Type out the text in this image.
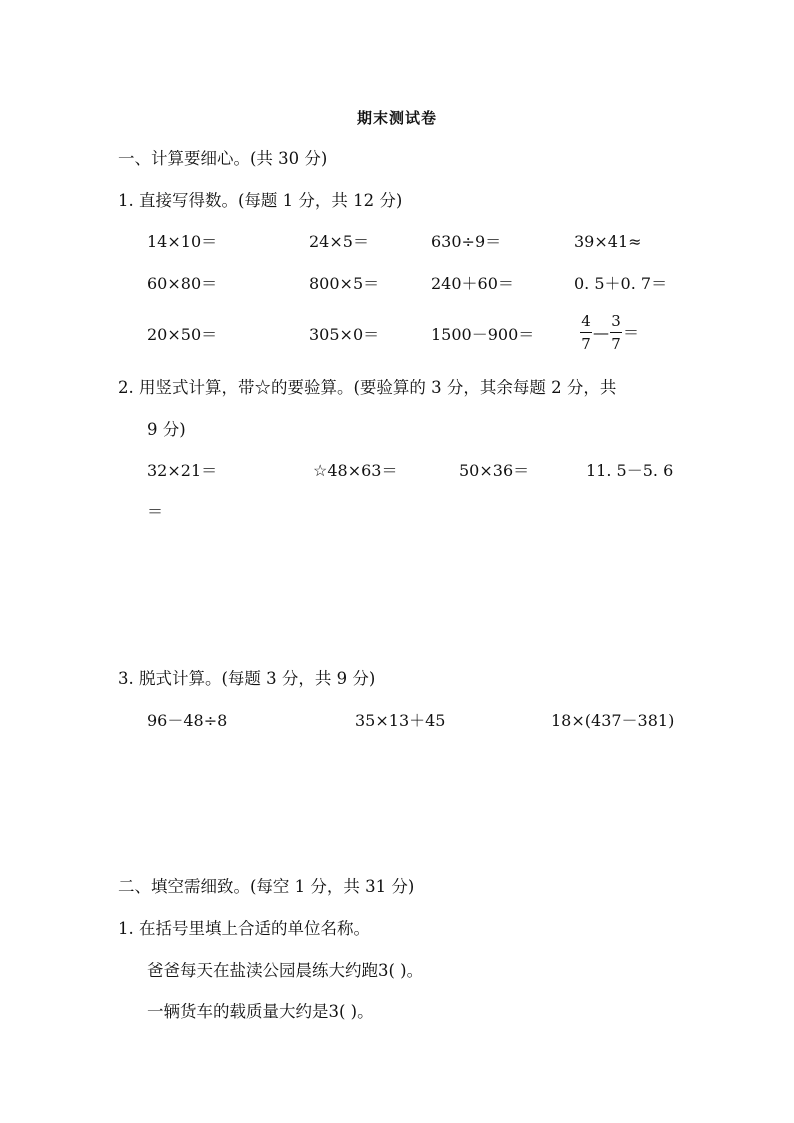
期末测试卷
一、计算要细心。(共 30 分)
1. 直接写得数。(每题 1 分，共 12 分)
14×10＝	24×5＝	630÷9＝	39×41≈
60×80＝	800×5＝	240＋60＝	0. 5＋0. 7＝
20×50＝	305×0＝	1500－900＝	$\frac{4}{7}$ — $\frac{3}{7}$ ＝
2. 用竖式计算，带☆的要验算。(要验算的 3 分，其余每题 2 分，共
9 分)
32×21＝	☆48×63＝	50×36＝	11. 5－5. 6
＝
3. 脱式计算。(每题 3 分，共 9 分)
96－48÷8	35×13＋45	18×(437－381)
二、填空需细致。(每空 1 分，共 31 分)
1. 在括号里填上合适的单位名称。
爸爸每天在盐渎公园晨练大约跑3( )。
一辆货车的载质量大约是3( )。
